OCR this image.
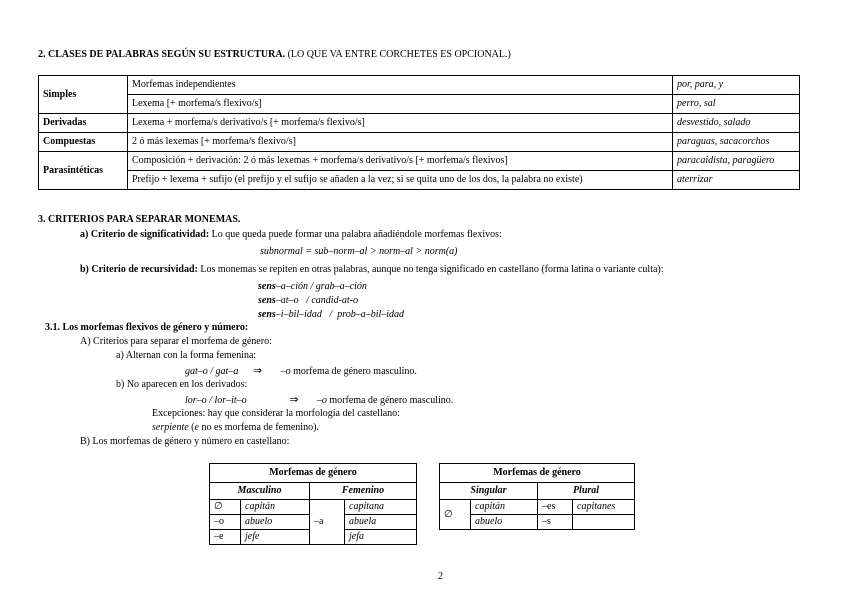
2. CLASES DE PALABRAS SEGÚN SU ESTRUCTURA. (LO QUE VA ENTRE CORCHETES ES OPCIONAL.)
Simples	Morfemas independientes	por, para, y
	Lexema [+ morfema/s flexivo/s]	perro, sal
Derivadas	Lexema + morfema/s derivativo/s [+ morfema/s flexivo/s]	desvestido, salado
Compuestas	2 ó más lexemas [+ morfema/s flexivo/s]	paraguas, sacacorchos
Parasintéticas	Composición + derivación: 2 ó más lexemas + morfema/s derivativo/s [+ morfema/s flexivos]	paracaidista, paragüero
	Prefijo + lexema + sufijo (el prefijo y el sufijo se añaden a la vez; si se quita uno de los dos, la palabra no existe)	aterrizar
3. CRITERIOS PARA SEPARAR MONEMAS.
a) Criterio de significatividad: Lo que queda puede formar una palabra añadiéndole morfemas flexivos:
subnormal = sub–norm–al > norm–al > norm(a)
b) Criterio de recursividad: Los monemas se repiten en otras palabras, aunque no tenga significado en castellano (forma latina o variante culta):
sens–a–ción / grab–a–ción
sens–at–o   / candid-at-o
sens–i–bil–idad   /  prob–a–bil–idad
3.1. Los morfemas flexivos de género y número:
A) Criterios para separar el morfema de género:
a) Alternan con la forma femenina:
gat–o / gat–a ⇒ –o morfema de género masculino.
b) No aparecen en los derivados:
lor–o / lor–it–o	⇒ –o morfema de género masculino.
Excepciones: hay que considerar la morfología del castellano:
serpiente (e no es morfema de femenino).
B) Los morfemas de género y número en castellano:
Morfemas de género			
Masculino		Femenino	
∅	capitán	–a	capitana
–o	abuelo		abuela
–e	jefe		jefa
Morfemas de género			
Singular		Plural	
∅	capitán	–es	capitanes
	abuelo	–s	
2
